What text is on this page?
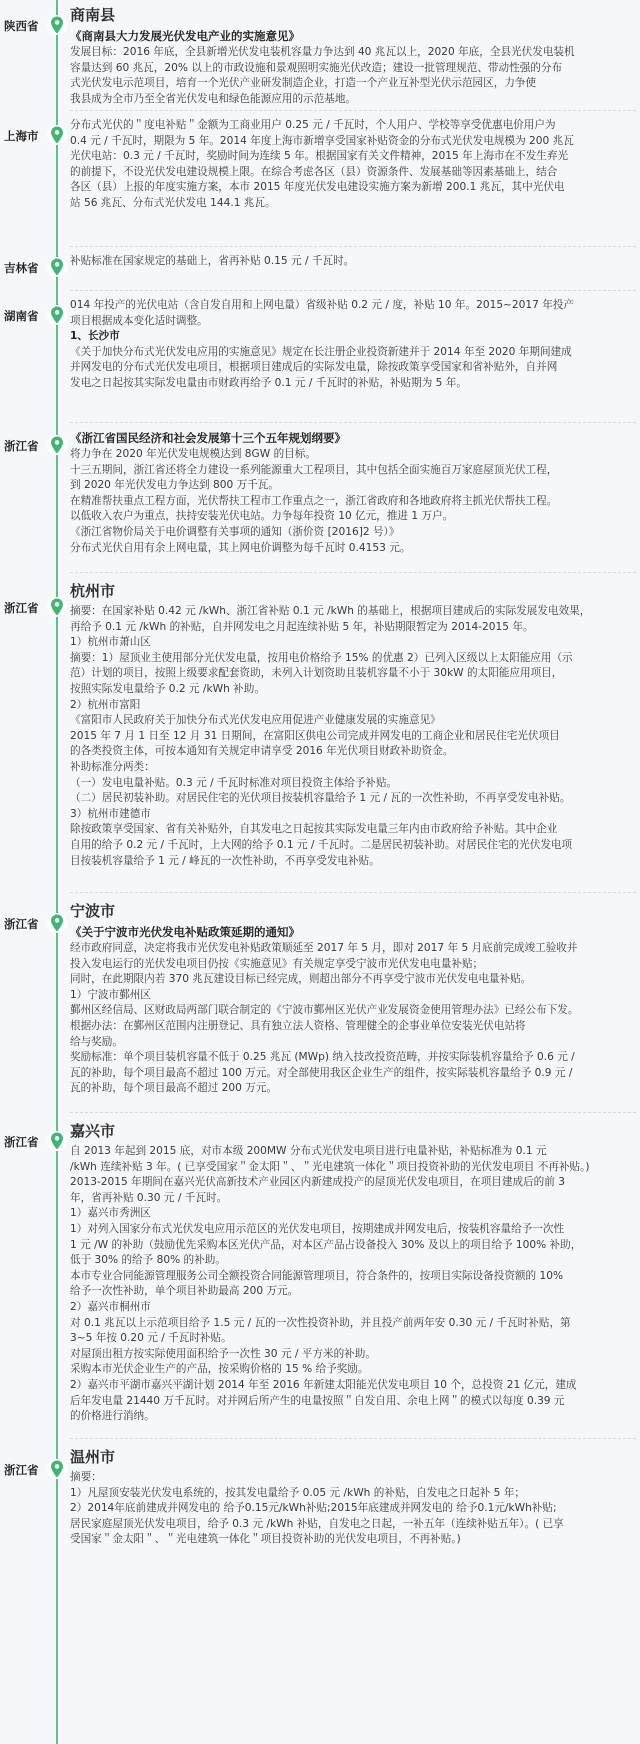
陕西省
商南县
《商南县大力发展光伏发电产业的实施意见》

发展目标：2016 年底，全县新增光伏发电装机容量力争达到 40 兆瓦以上，2020 年底，全县光伏发电装机

容量达到 60 兆瓦，20% 以上的市政设施和景观照明实施光伏改造；建设一批管理规范、带动性强的分布

式光伏发电示范项目，培育一个光伏产业研发制造企业，打造一个产业互补型光伏示范园区，力争使

我县成为全市乃至全省光伏发电和绿色能源应用的示范基地。

上海市

分布式光伏的＂度电补贴＂金额为工商业用户 0.25 元 / 千瓦时，个人用户、学校等享受优惠电价用户为

0.4 元 / 千瓦时，期限为 5 年。2014 年度上海市新增享受国家补贴资金的分布式光伏发电规模为 200 兆瓦

光伏电站：0.3 元 / 千瓦时，奖励时间为连续 5 年。根据国家有关文件精神，2015 年上海市在不发生弃光

的前提下，不设光伏发电建设规模上限。在综合考虑各区（县）资源条件、发展基础等因素基础上，结合

各区（县）上报的年度实施方案，本市 2015 年度光伏发电建设实施方案为新增 200.1 兆瓦，其中光伏电

站 56 兆瓦、分布式光伏发电 144.1 兆瓦。

吉林省	补贴标准在国家规定的基础上，省再补贴 0.15 元 / 千瓦时。

湖南省

014 年投产的光伏电站（含自发自用和上网电量）省级补贴 0.2 元 / 度，补贴 10 年。2015~2017 年投产

项目根据成本变化适时调整。

1、长沙市

《关于加快分布式光伏发电应用的实施意见》规定在长注册企业投资新建并于 2014 年至 2020 年期间建成

并网发电的分布式光伏发电项目，根据项目建成后的实际发电量，除按政策享受国家和省补贴外，自并网

发电之日起按其实际发电量由市财政再给予 0.1 元 / 千瓦时的补贴，补贴期为 5 年。

浙江省
《浙江省国民经济和社会发展第十三个五年规划纲要》

将力争在 2020 年光伏发电规模达到 8GW 的目标。

十三五期间，浙江省还将全力建设一系列能源重大工程项目，其中包括全面实施百万家庭屋顶光伏工程，

到 2020 年光伏发电力争达到 800 万千瓦。

在精准帮扶重点工程方面，光伏帮扶工程市工作重点之一，浙江省政府和各地政府将主抓光伏帮扶工程。

以低收入农户为重点，扶持安装光伏电站。力争每年投资 10 亿元，推进 1 万户。

《浙江省物价局关于电价调整有关事项的通知（浙价资 [2016]2 号）》

分布式光伏自用有余上网电量，其上网电价调整为每千瓦时 0.4153 元。

浙江省
杭州市

摘要：在国家补贴 0.42 元 /kWh、浙江省补贴 0.1 元 /kWh 的基础上，根据项目建成后的实际发展发电效果，

再给予 0.1 元 /kWh 的补贴，自并网发电之月起连续补贴 5 年，补贴期限暂定为 2014-2015 年。

1）杭州市萧山区

摘要：1）屋顶业主使用部分光伏发电量，按用电价格给予 15% 的优惠 2）已列入区级以上太阳能应用（示

范）计划的项目，按照上级要求配套资助，未列入计划资助且装机容量不小于 30kW 的太阳能应用项目，

按照实际发电量给予 0.2 元 /kWh 补助。

2）杭州市富阳

《富阳市人民政府关于加快分布式光伏发电应用促进产业健康发展的实施意见》

2015 年 7 月 1 日至 12 月 31 日期间，在富阳区供电公司完成并网发电的工商企业和居民住宅光伏项目

的各类投资主体，可按本通知有关规定申请享受 2016 年光伏项目财政补助资金。

补助标准分两类：

（一）发电电量补贴。0.3 元 / 千瓦时标准对项目投资主体给予补贴。

（二）居民初装补助。对居民住宅的光伏项目按装机容量给予 1 元 / 瓦的一次性补助，不再享受发电补贴。

3）杭州市建德市

除按政策享受国家、省有关补贴外，自其发电之日起按其实际发电量三年内由市政府给予补贴。其中企业

自用的给予 0.2 元 / 千瓦时，上大网的给予 0.1 元 / 千瓦时。二是居民初装补助。对居民住宅的光伏发电项

目按装机容量给予 1 元 / 峰瓦的一次性补助，不再享受发电补贴。

浙江省
宁波市
《关于宁波市光伏发电补贴政策延期的通知》

经市政府同意，决定将我市光伏发电补贴政策顺延至 2017 年 5 月，即对 2017 年 5 月底前完成竣工验收并

投入发电运行的光伏发电项目仍按《实施意见》有关规定享受宁波市光伏发电电量补贴；

同时，在此期限内若 370 兆瓦建设目标已经完成，则超出部分不再享受宁波市光伏发电电量补贴。

1）宁波市鄞州区

鄞州区经信局、区财政局两部门联合制定的《宁波市鄞州区光伏产业发展资金使用管理办法》已经公布下发。

根据办法：在鄞州区范围内注册登记、具有独立法人资格、管理健全的企事业单位安装光伏电站将

给与奖励。

奖励标准：单个项目装机容量不低于 0.25 兆瓦 (MWp) 纳入技改投资范畴，并按实际装机容量给予 0.6 元 /

瓦的补助，每个项目最高不超过 100 万元。对全部使用我区企业生产的组件，按实际装机容量给予 0.9 元 /

瓦的补助，每个项目最高不超过 200 万元。

浙江省
嘉兴市

自 2013 年起到 2015 底，对市本级 200MW 分布式光伏发电项目进行电量补贴，补贴标准为 0.1 元

/kWh 连续补贴 3 年。( 已享受国家＂金太阳＂、＂光电建筑一体化＂项目投资补助的光伏发电项目 不再补贴。)

2013-2015 年期间在嘉兴光伏高新技术产业园区内新建成投产的屋顶光伏发电项目，在项目建成后的前 3

年，省再补贴 0.30 元 / 千瓦时。

1）嘉兴市秀洲区

1）对列入国家分布式光伏发电应用示范区的光伏发电项目，按期建成并网发电后，按装机容量给予一次性

1 元 /W 的补助（鼓励优先采购本区光伏产品，对本区产品占设备投入 30% 及以上的项目给予 100% 补助，

低于 30% 的给予 80% 的补助。

本市专业合同能源管理服务公司全额投资合同能源管理项目，符合条件的，按项目实际设备投资额的 10%

给予一次性补助，单个项目补助最高 200 万元。

2）嘉兴市桐州市

对 0.1 兆瓦以上示范项目给予 1.5 元 / 瓦的一次性投资补助，并且投产前两年安 0.30 元 / 千瓦时补贴，第

3~5 年按 0.20 元 / 千瓦时补贴。

对屋顶出租方按实际使用面积给予一次性 30 元 / 平方米的补助。

采购本市光伏企业生产的产品，按采购价格的 15 % 给予奖励。

2）嘉兴市平湖市嘉兴平湖计划 2014 年至 2016 年新建太阳能光伏发电项目 10 个，总投资 21 亿元，建成

后年发电量 21440 万千瓦时。对并网后所产生的电量按照＂自发自用、余电上网＂的模式以每度 0.39 元

的价格进行消纳。

浙江省
温州市

摘要：

1）凡屋顶安装光伏发电系统的，按其发电量给予 0.05 元 /kWh 的补贴，自发电之日起补 5 年；

2）2014年底前建成并网发电的 给予0.15元/kWh补贴;2015年底建成并网发电的 给予0.1元/kWh补贴;

居民家庭屋顶光伏发电项目，给予 0.3 元 /kWh 补贴，自发电之日起，一补五年（连续补贴五年）。( 已享

受国家＂金太阳＂、＂光电建筑一体化＂项目投资补助的光伏发电项目，不再补贴。)
